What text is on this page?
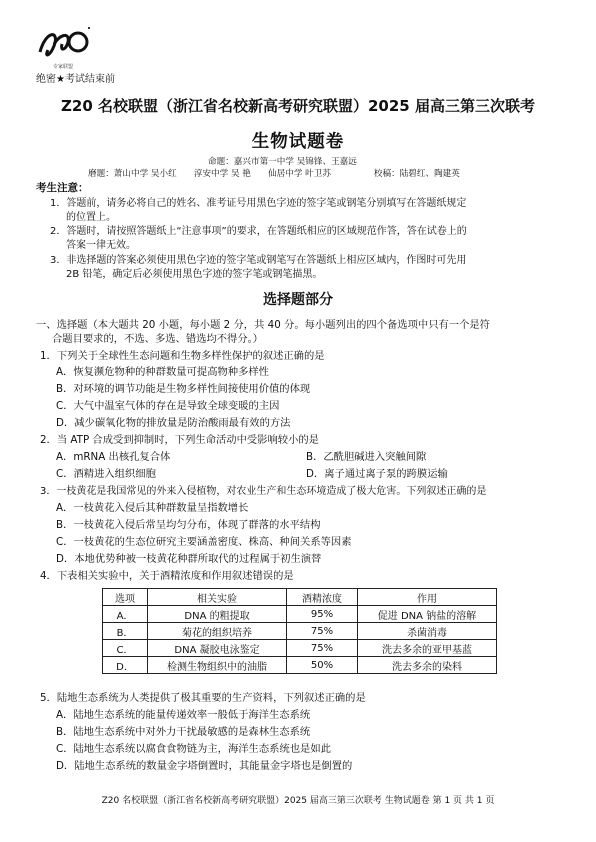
专家联盟
绝密★考试结束前
Z20 名校联盟（浙江省名校新高考研究联盟）2025 届高三第三次联考
生物试题卷
命题：嘉兴市第一中学 吴锦锋、王嘉远
磨题：萧山中学 吴小红　　淳安中学 吴 艳　　仙居中学 叶卫苏　　　　　校稿：陆碧红、陶建英
考生注意：
1．答题前，请务必将自己的姓名、准考证号用黑色字迹的签字笔或钢笔分别填写在答题纸规定
的位置上。
2．答题时，请按照答题纸上“注意事项”的要求，在答题纸相应的区域规范作答，答在试卷上的
答案一律无效。
3．非选择题的答案必须使用黑色字迹的签字笔或钢笔写在答题纸上相应区域内，作图时可先用
2B 铅笔，确定后必须使用黑色字迹的签字笔或钢笔描黑。
选择题部分
一、选择题（本大题共 20 小题，每小题 2 分，共 40 分。每小题列出的四个备选项中只有一个是符
合题目要求的，不选、多选、错选均不得分。）
1．下列关于全球性生态问题和生物多样性保护的叙述正确的是
A．恢复濒危物种的种群数量可提高物种多样性
B．对环境的调节功能是生物多样性间接使用价值的体现
C．大气中温室气体的存在是导致全球变暖的主因
D．减少碳氧化物的排放量是防治酸雨最有效的方法
2．当 ATP 合成受到抑制时，下列生命活动中受影响较小的是
A．mRNA 出核孔复合体	B．乙酰胆碱进入突触间隙
C．酒精进入组织细胞	D．离子通过离子泵的跨膜运输
3．一枝黄花是我国常见的外来入侵植物，对农业生产和生态环境造成了极大危害。下列叙述正确的是
A．一枝黄花入侵后其种群数量呈指数增长
B．一枝黄花入侵后常呈均匀分布，体现了群落的水平结构
C．一枝黄花的生态位研究主要涵盖密度、株高、种间关系等因素
D．本地优势种被一枝黄花种群所取代的过程属于初生演替
4．下表相关实验中，关于酒精浓度和作用叙述错误的是
选项	相关实验	酒精浓度	作用
A．	DNA 的粗提取	95%	促进 DNA 钠盐的溶解
B．	菊花的组织培养	75%	杀菌消毒
C．	DNA 凝胶电泳鉴定	75%	洗去多余的亚甲基蓝
D．	检测生物组织中的油脂	50%	洗去多余的染料
5．陆地生态系统为人类提供了极其重要的生产资料，下列叙述正确的是
A．陆地生态系统的能量传递效率一般低于海洋生态系统
B．陆地生态系统中对外力干扰最敏感的是森林生态系统
C．陆地生态系统以腐食食物链为主，海洋生态系统也是如此
D．陆地生态系统的数量金字塔倒置时，其能量金字塔也是倒置的
Z20 名校联盟（浙江省名校新高考研究联盟）2025 届高三第三次联考 生物试题卷 第 1 页 共 1 页
